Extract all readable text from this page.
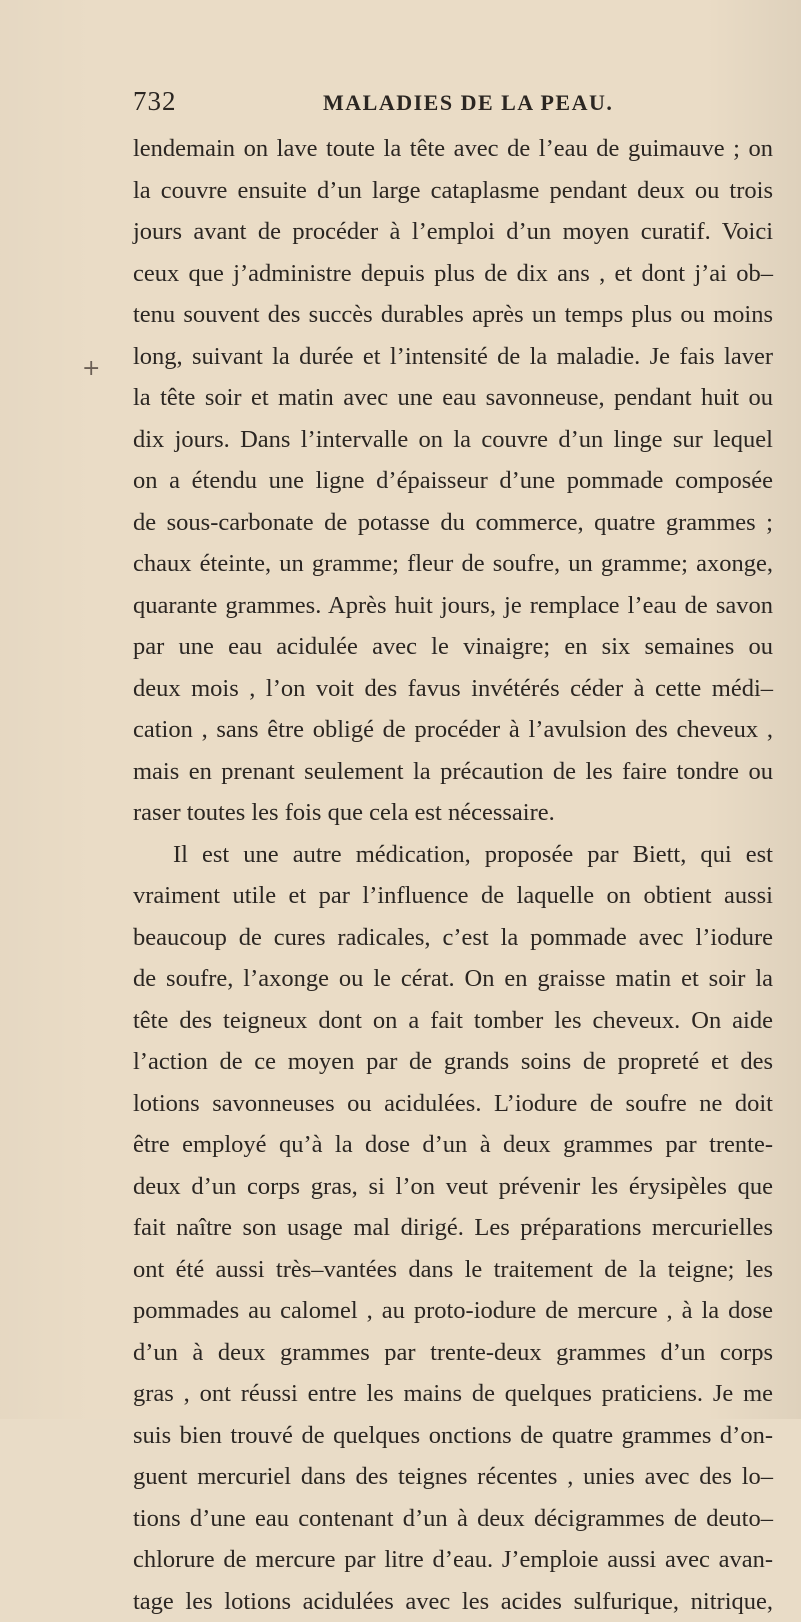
732	MALADIES DE LA PEAU.
+
lendemain on lave toute la tête avec de l’eau de guimauve ; on
la couvre ensuite d’un large cataplasme pendant deux ou trois
jours avant de procéder à l’emploi d’un moyen curatif. Voici
ceux que j’administre depuis plus de dix ans , et dont j’ai ob–
tenu souvent des succès durables après un temps plus ou moins
long, suivant la durée et l’intensité de la maladie. Je fais laver
la tête soir et matin avec une eau savonneuse, pendant huit ou
dix jours. Dans l’intervalle on la couvre d’un linge sur lequel
on a étendu une ligne d’épaisseur d’une pommade composée
de sous-carbonate de potasse du commerce, quatre grammes ;
chaux éteinte, un gramme; fleur de soufre, un gramme; axonge,
quarante grammes. Après huit jours, je remplace l’eau de savon
par une eau acidulée avec le vinaigre; en six semaines ou
deux mois , l’on voit des favus invétérés céder à cette médi–
cation , sans être obligé de procéder à l’avulsion des cheveux ,
mais en prenant seulement la précaution de les faire tondre ou
raser toutes les fois que cela est nécessaire.
Il est une autre médication, proposée par Biett, qui est
vraiment utile et par l’influence de laquelle on obtient aussi
beaucoup de cures radicales, c’est la pommade avec l’iodure
de soufre, l’axonge ou le cérat. On en graisse matin et soir la
tête des teigneux dont on a fait tomber les cheveux. On aide
l’action de ce moyen par de grands soins de propreté et des
lotions savonneuses ou acidulées. L’iodure de soufre ne doit
être employé qu’à la dose d’un à deux grammes par trente-
deux d’un corps gras, si l’on veut prévenir les érysipèles que
fait naître son usage mal dirigé. Les préparations mercurielles
ont été aussi très–vantées dans le traitement de la teigne; les
pommades au calomel , au proto-iodure de mercure , à la dose
d’un à deux grammes par trente-deux grammes d’un corps
gras , ont réussi entre les mains de quelques praticiens. Je me
suis bien trouvé de quelques onctions de quatre grammes d’on-
guent mercuriel dans des teignes récentes , unies avec des lo–
tions d’une eau contenant d’un à deux décigrammes de deuto–
chlorure de mercure par litre d’eau. J’emploie aussi avec avan-
tage les lotions acidulées avec les acides sulfurique, nitrique,
